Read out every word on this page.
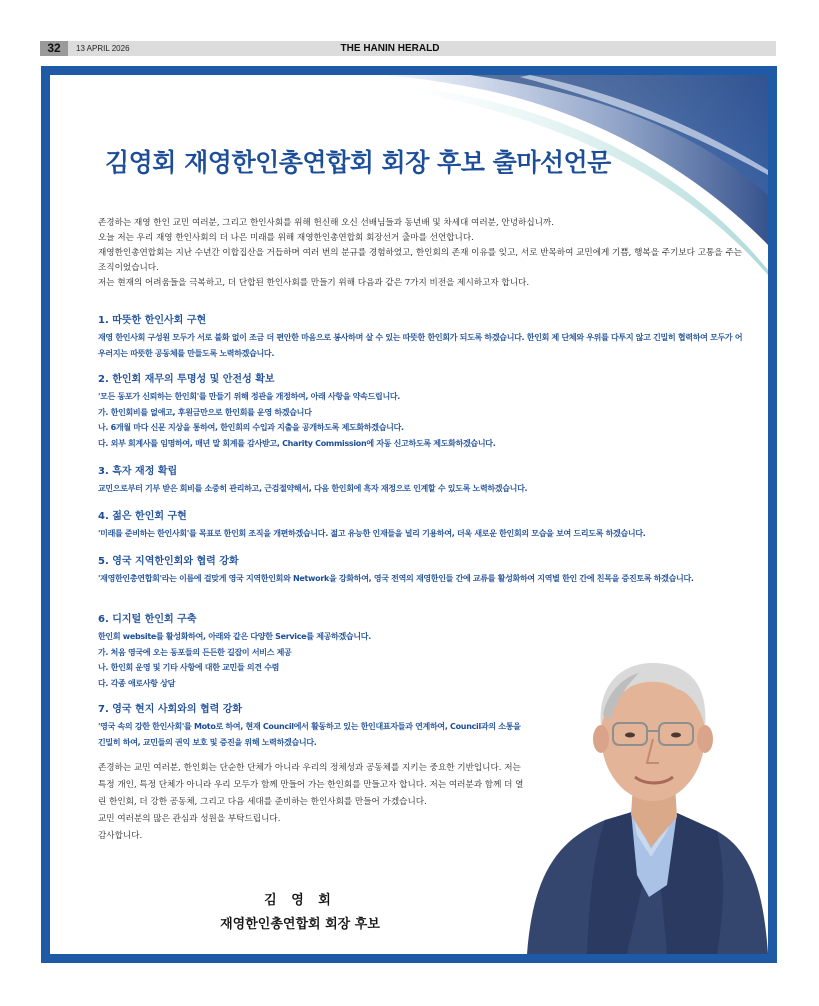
32	13 APRIL 2026	THE HANIN HERALD
김영회 재영한인총연합회 회장 후보 출마선언문

존경하는 재영 한인 교민 여러분, 그리고 한인사회를 위해 헌신해 오신 선배님들과 동년배 및 차세대 여러분, 안녕하십니까.

오늘 저는 우리 재영 한인사회의 더 나은 미래를 위해 재영한인총연합회 회장선거 출마를 선언합니다.

재영한인총연합회는 지난 수년간 이합집산을 거듭하며 여러 번의 분규를 경험하였고, 한인회의 존재 이유를 잊고, 서로 반목하여 교민에게 기쁨, 행복을 주기보다 고통을 주는 조직이었습니다.

저는 현재의 어려움들을 극복하고, 더 단합된 한인사회를 만들기 위해 다음과 같은 7가지 비전을 제시하고자 합니다.

1. 따뜻한 한인사회 구현

재영 한인사회 구성원 모두가 서로 불화 없이 조금 더 편안한 마음으로 봉사하며 살 수 있는 따뜻한 한인회가 되도록 하겠습니다. 한인회 제 단체와 우위를 다투지 않고 긴밀히 협력하여 모두가 어우러지는 따뜻한 공동체를 만들도록 노력하겠습니다.

2. 한인회 재무의 투명성 및 안전성 확보

'모든 동포가 신뢰하는 한인회'를 만들기 위해 정관을 개정하여, 아래 사항을 약속드립니다.

가. 한인회비를 없애고, 후원금만으로 한인회를 운영 하겠습니다

나. 6개월 마다 신문 지상을 통하여, 한인회의 수입과 지출을 공개하도록 제도화하겠습니다.

다. 외부 회계사를 임명하여, 매년 말 회계를 감사받고, Charity Commission에 자동 신고하도록 제도화하겠습니다.

3. 흑자 재정 확립

교민으로부터 기부 받은 회비를 소중히 관리하고, 근검절약해서, 다음 한인회에 흑자 재정으로 인계할 수 있도록 노력하겠습니다.

4. 젊은 한인회 구현

'미래를 준비하는 한인사회'를 목표로 한인회 조직을 개편하겠습니다. 젊고 유능한 인재들을 널리 기용하여, 더욱 새로운 한인회의 모습을 보여 드리도록 하겠습니다.

5. 영국 지역한인회와 협력 강화

'재영한인총연합회'라는 이름에 걸맞게 영국 지역한인회와 Network을 강화하여, 영국 전역의 재영한인들 간에 교류를 활성화하여 지역별 한인 간에 친목을 증진토록 하겠습니다.

6. 디지털 한인회 구축

한인회 website를 활성화하여, 아래와 같은 다양한 Service를 제공하겠습니다.

가. 처음 영국에 오는 동포들의 든든한 길잡이 서비스 제공

나. 한인회 운영 및 기타 사항에 대한 교민들 의견 수렴

다. 각종 애로사항 상담

7. 영국 현지 사회와의 협력 강화

'영국 속의 강한 한인사회'를 Moto로 하여, 현재 Council에서 활동하고 있는 한인대표자들과 연계하여, Council과의 소통을 긴밀히 하여, 교민들의 권익 보호 및 증진을 위해 노력하겠습니다.

존경하는 교민 여러분, 한인회는 단순한 단체가 아니라 우리의 정체성과 공동체를 지키는 중요한 기반입니다. 저는 특정 개인, 특정 단체가 아니라 우리 모두가 함께 만들어 가는 한인회를 만들고자 합니다. 저는 여러분과 함께 더 열린 한인회, 더 강한 공동체, 그리고 다음 세대를 준비하는 한인사회를 만들어 가겠습니다.

교민 여러분의 많은 관심과 성원을 부탁드립니다.

감사합니다.

김 영 회
재영한인총연합회 회장 후보
